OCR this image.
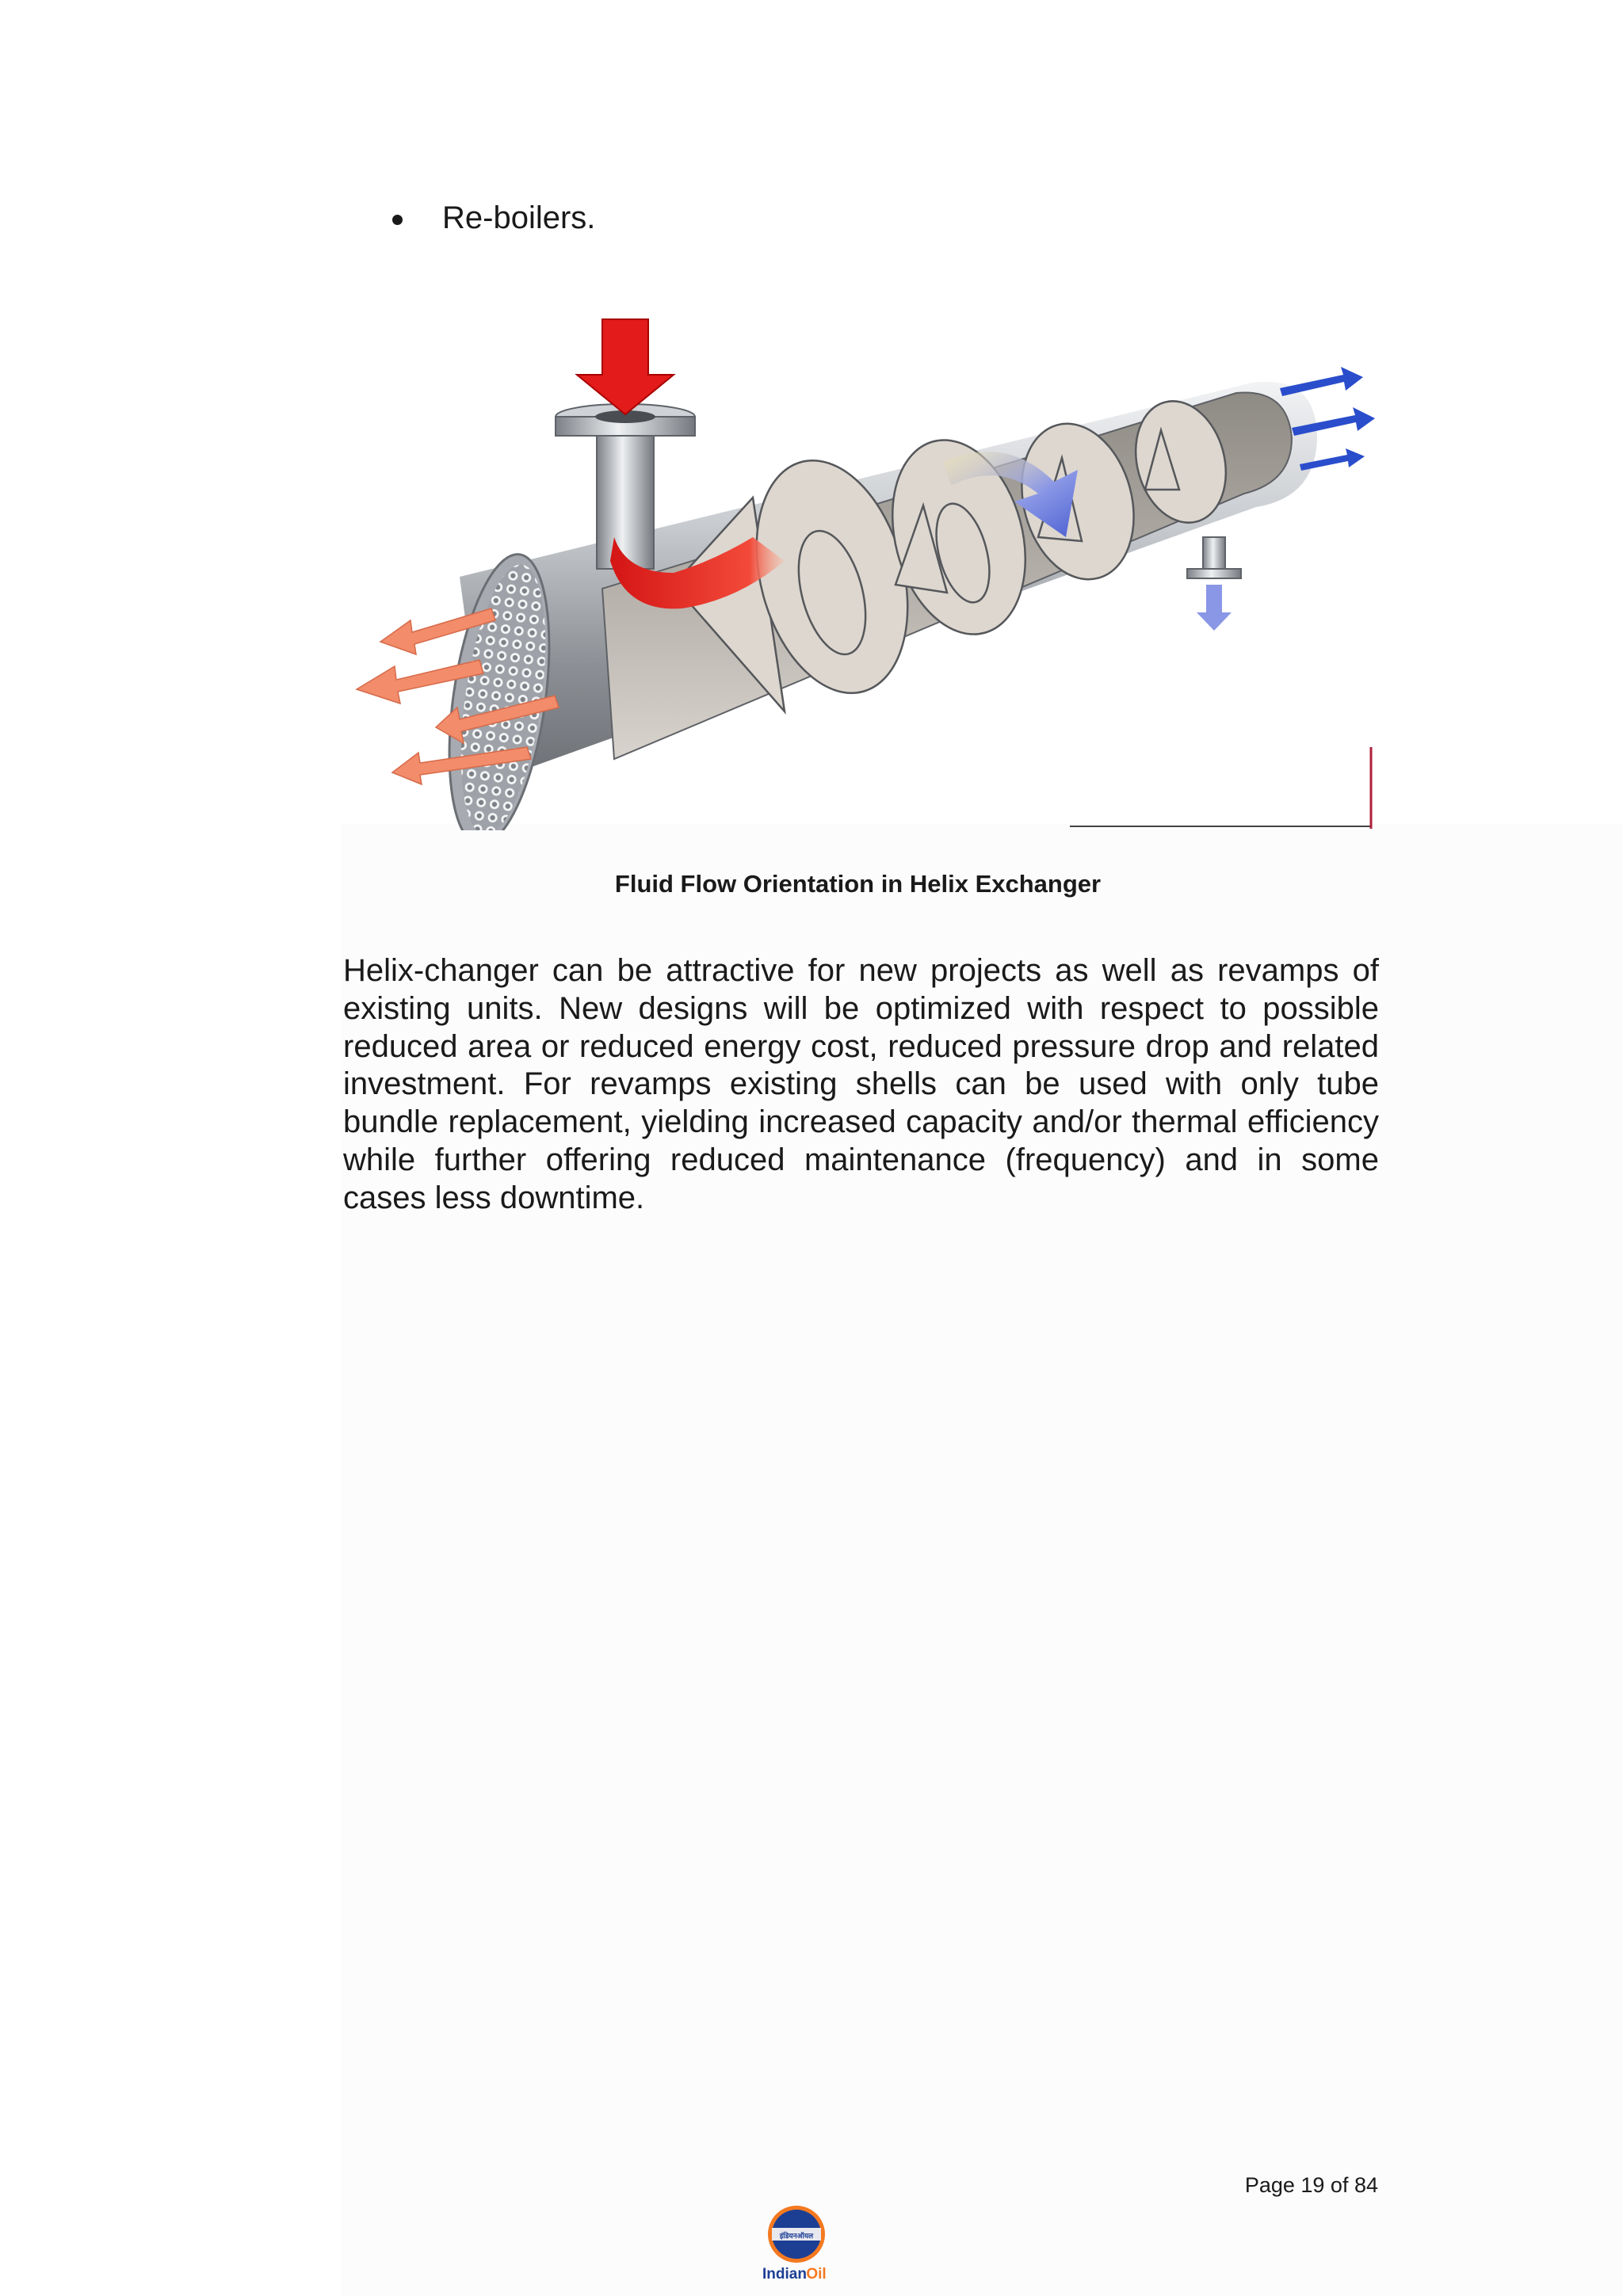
Re-boilers.
Fluid Flow Orientation in Helix Exchanger
Helix-changer can be attractive for new projects as well as revamps of existing units. New designs will be optimized with respect to possible reduced area or reduced energy cost, reduced pressure drop and related investment. For revamps existing shells can be used with only tube bundle replacement, yielding increased capacity and/or thermal efficiency while further offering reduced maintenance (frequency) and in some cases less downtime.
Page 19 of 84
इंडियनऑयल
Indian Oil
